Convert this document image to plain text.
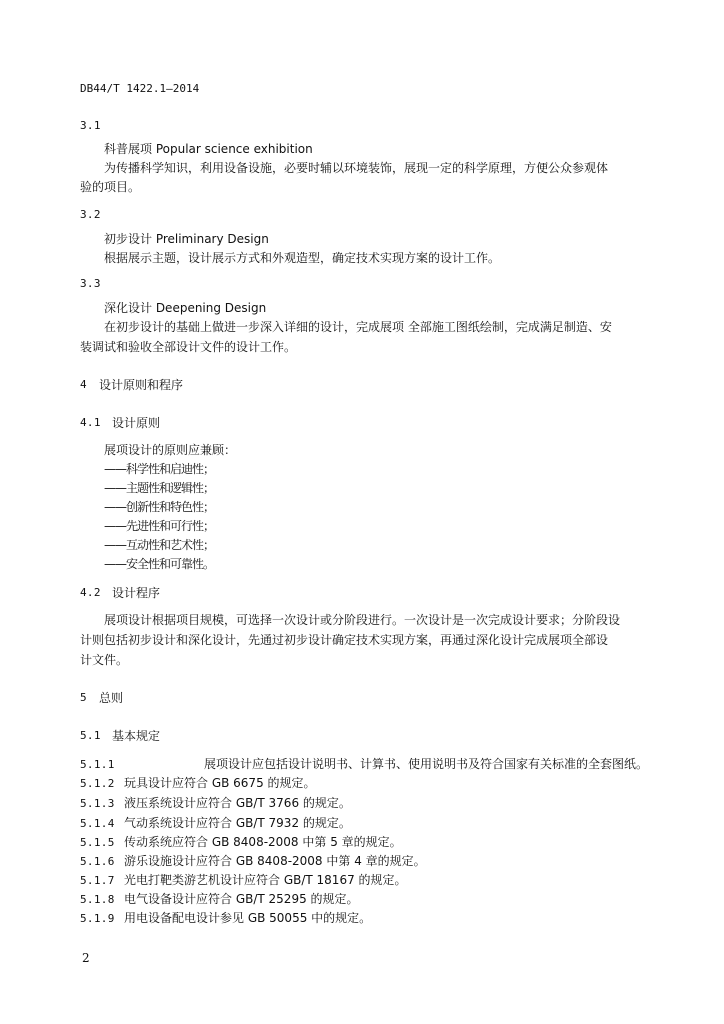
DB44/T 1422.1—2014
3.1
科普展项 Popular science exhibition
为传播科学知识，利用设备设施，必要时辅以环境装饰，展现一定的科学原理，方便公众参观体
验的项目。
3.2
初步设计 Preliminary Design
根据展示主题，设计展示方式和外观造型，确定技术实现方案的设计工作。
3.3
深化设计 Deepening Design
在初步设计的基础上做进一步深入详细的设计，完成展项 全部施工图纸绘制，完成满足制造、安
装调试和验收全部设计文件的设计工作。
4 设计原则和程序
4.1 设计原则
展项设计的原则应兼顾：
——科学性和启迪性；
——主题性和逻辑性；
——创新性和特色性；
——先进性和可行性；
——互动性和艺术性；
——安全性和可靠性。
4.2 设计程序
展项设计根据项目规模，可选择一次设计或分阶段进行。一次设计是一次完成设计要求；分阶段设
计则包括初步设计和深化设计，先通过初步设计确定技术实现方案，再通过深化设计完成展项全部设
计文件。
5 总则
5.1 基本规定
5.1.1	展项设计应包括设计说明书、计算书、使用说明书及符合国家有关标准的全套图纸。
5.1.2 玩具设计应符合 GB 6675 的规定。
5.1.3 液压系统设计应符合 GB/T 3766 的规定。
5.1.4 气动系统设计应符合 GB/T 7932 的规定。
5.1.5 传动系统应符合 GB 8408-2008 中第 5 章的规定。
5.1.6 游乐设施设计应符合 GB 8408-2008 中第 4 章的规定。
5.1.7 光电打靶类游艺机设计应符合 GB/T 18167 的规定。
5.1.8 电气设备设计应符合 GB/T 25295 的规定。
5.1.9 用电设备配电设计参见 GB 50055 中的规定。
2
